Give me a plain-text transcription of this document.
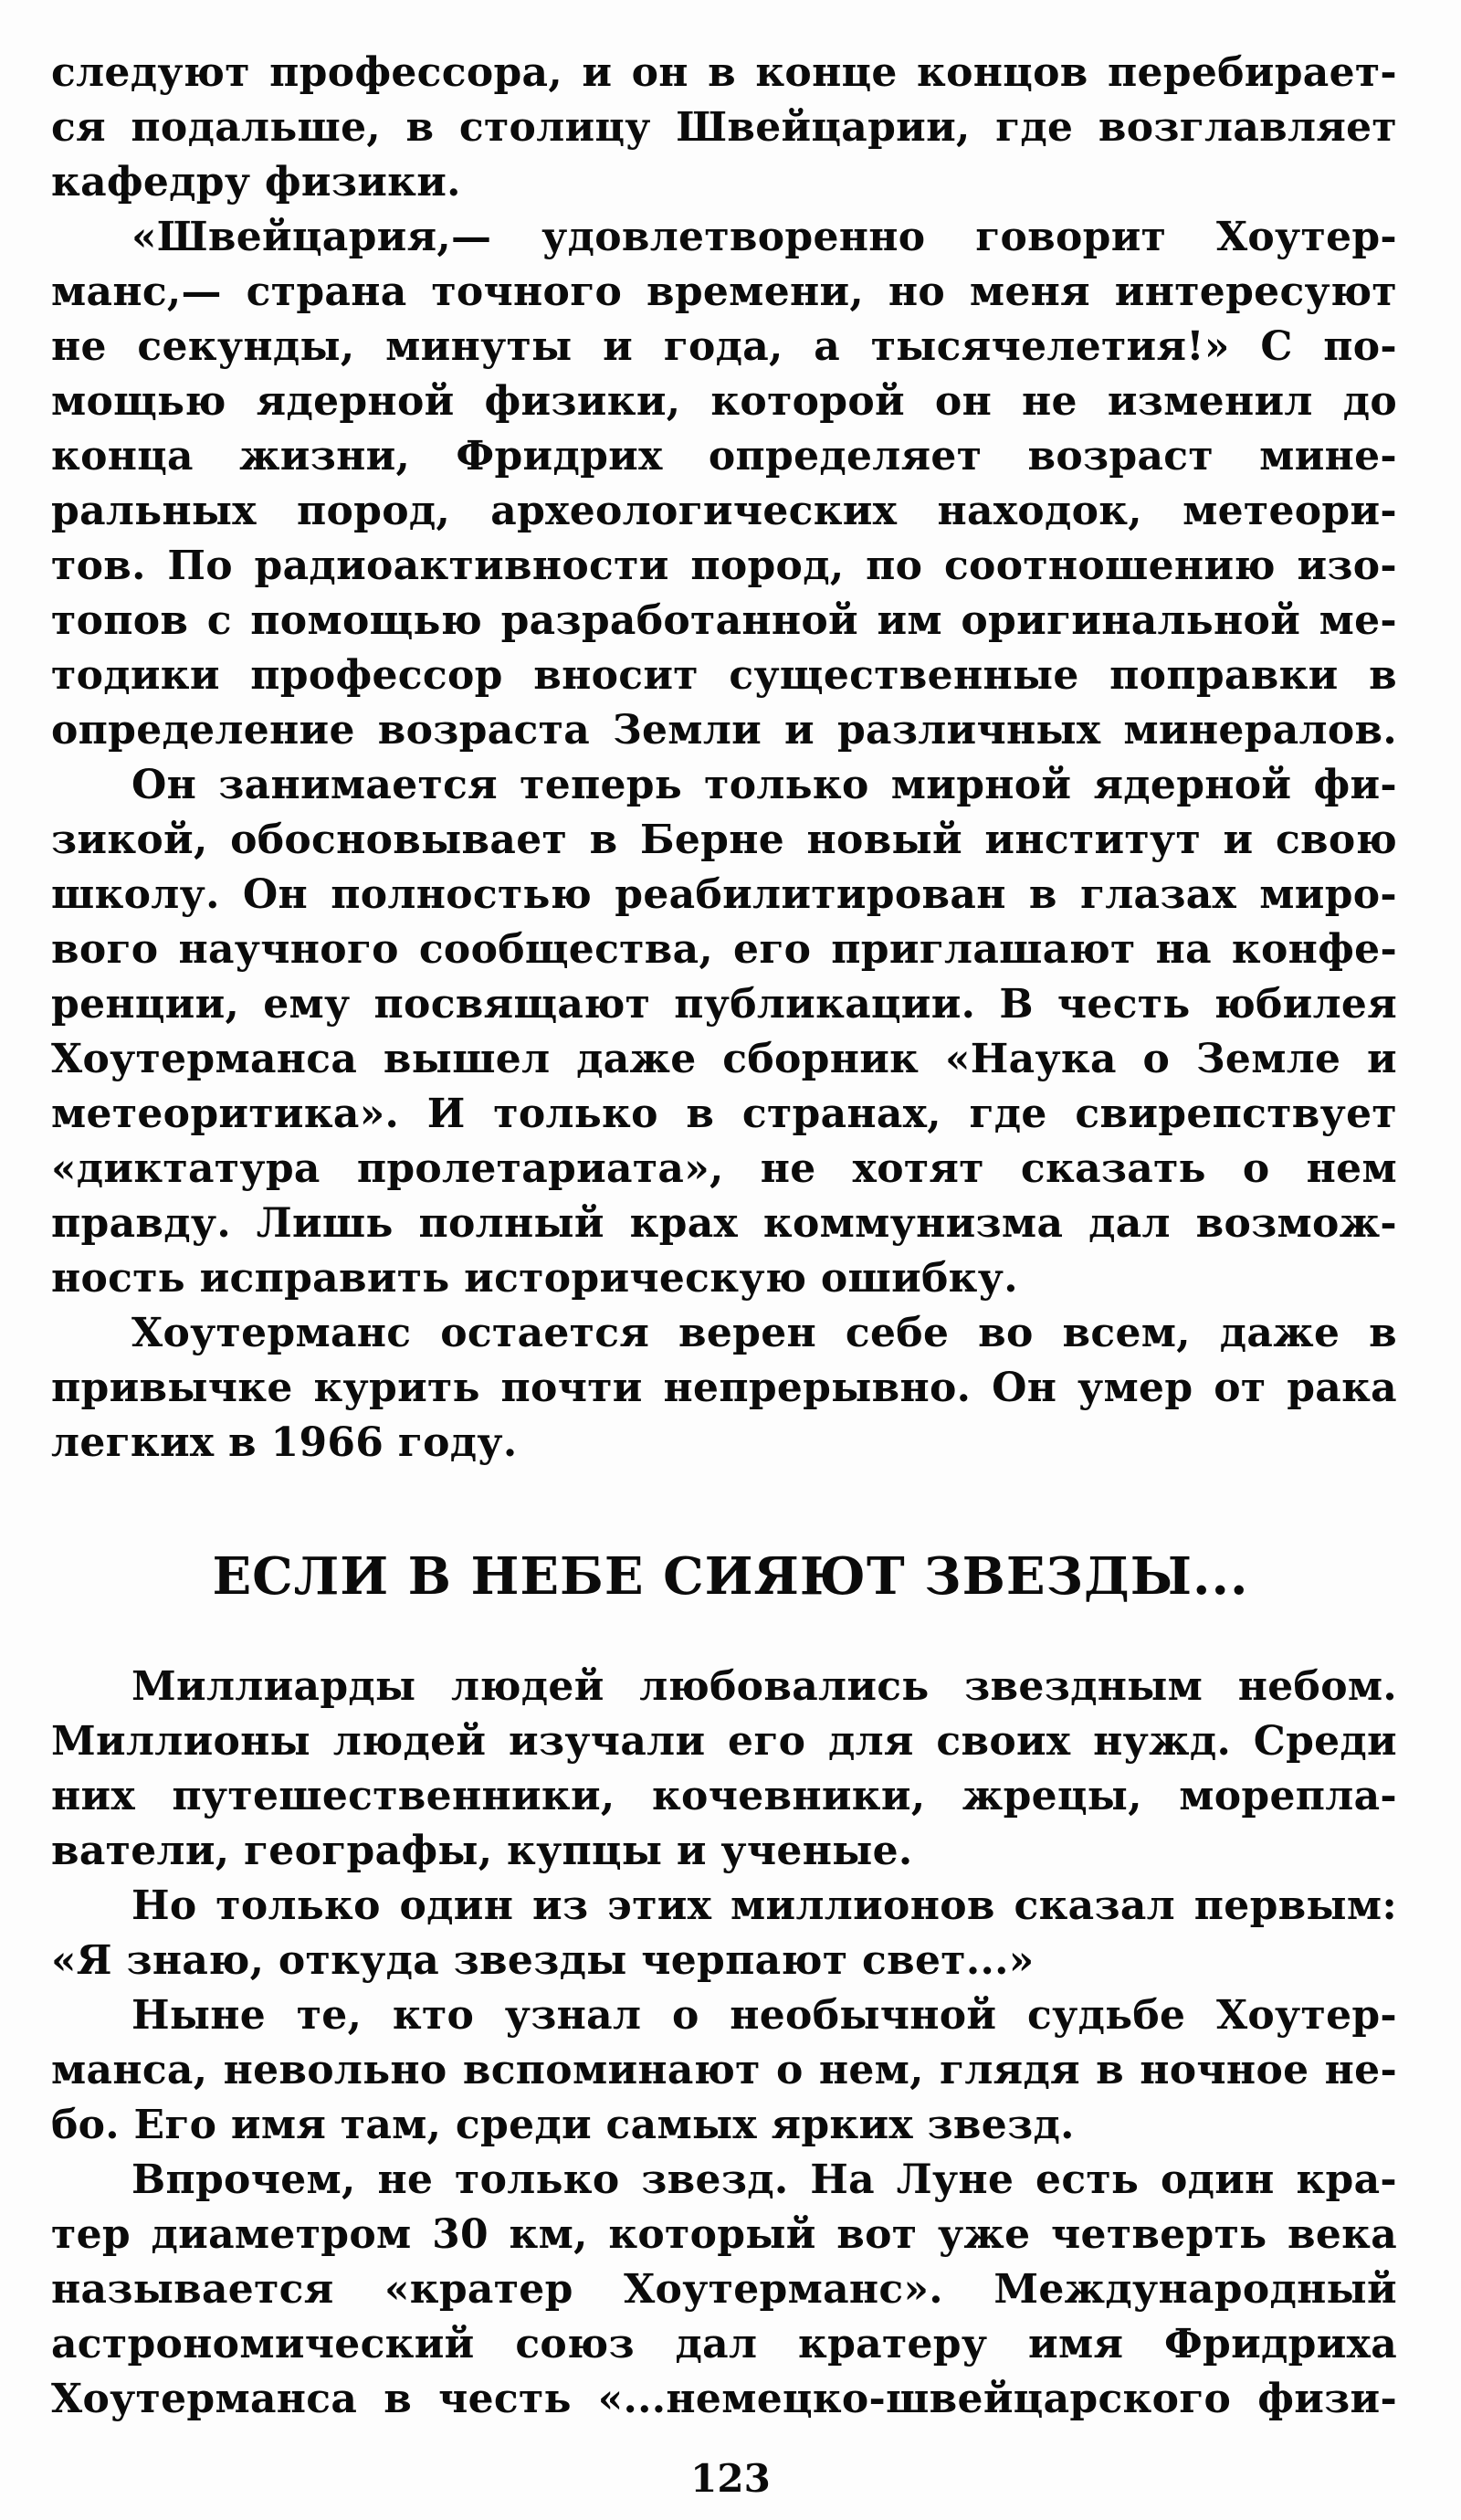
следуют профессора, и он в конце концов перебирает-
ся подальше, в столицу Швейцарии, где возглавляет
кафедру физики.
«Швейцария,— удовлетворенно говорит Хоутер-
манс,— страна точного времени, но меня интересуют
не секунды, минуты и года, а тысячелетия!» С по-
мощью ядерной физики, которой он не изменил до
конца жизни, Фридрих определяет возраст мине-
ральных пород, археологических находок, метеори-
тов. По радиоактивности пород, по соотношению изо-
топов с помощью разработанной им оригинальной ме-
тодики профессор вносит существенные поправки в
определение возраста Земли и различных минералов.
Он занимается теперь только мирной ядерной фи-
зикой, обосновывает в Берне новый институт и свою
школу. Он полностью реабилитирован в глазах миро-
вого научного сообщества, его приглашают на конфе-
ренции, ему посвящают публикации. В честь юбилея
Хоутерманса вышел даже сборник «Наука о Земле и
метеоритика». И только в странах, где свирепствует
«диктатура пролетариата», не хотят сказать о нем
правду. Лишь полный крах коммунизма дал возмож-
ность исправить историческую ошибку.
Хоутерманс остается верен себе во всем, даже в
привычке курить почти непрерывно. Он умер от рака
легких в 1966 году.
ЕСЛИ В НЕБЕ СИЯЮТ ЗВЕЗДЫ...
Миллиарды людей любовались звездным небом.
Миллионы людей изучали его для своих нужд. Среди
них путешественники, кочевники, жрецы, морепла-
ватели, географы, купцы и ученые.
Но только один из этих миллионов сказал первым:
«Я знаю, откуда звезды черпают свет...»
Ныне те, кто узнал о необычной судьбе Хоутер-
манса, невольно вспоминают о нем, глядя в ночное не-
бо. Его имя там, среди самых ярких звезд.
Впрочем, не только звезд. На Луне есть один кра-
тер диаметром 30 км, который вот уже четверть века
называется «кратер Хоутерманс». Международный
астрономический союз дал кратеру имя Фридриха
Хоутерманса в честь «...немецко-швейцарского физи-
123
